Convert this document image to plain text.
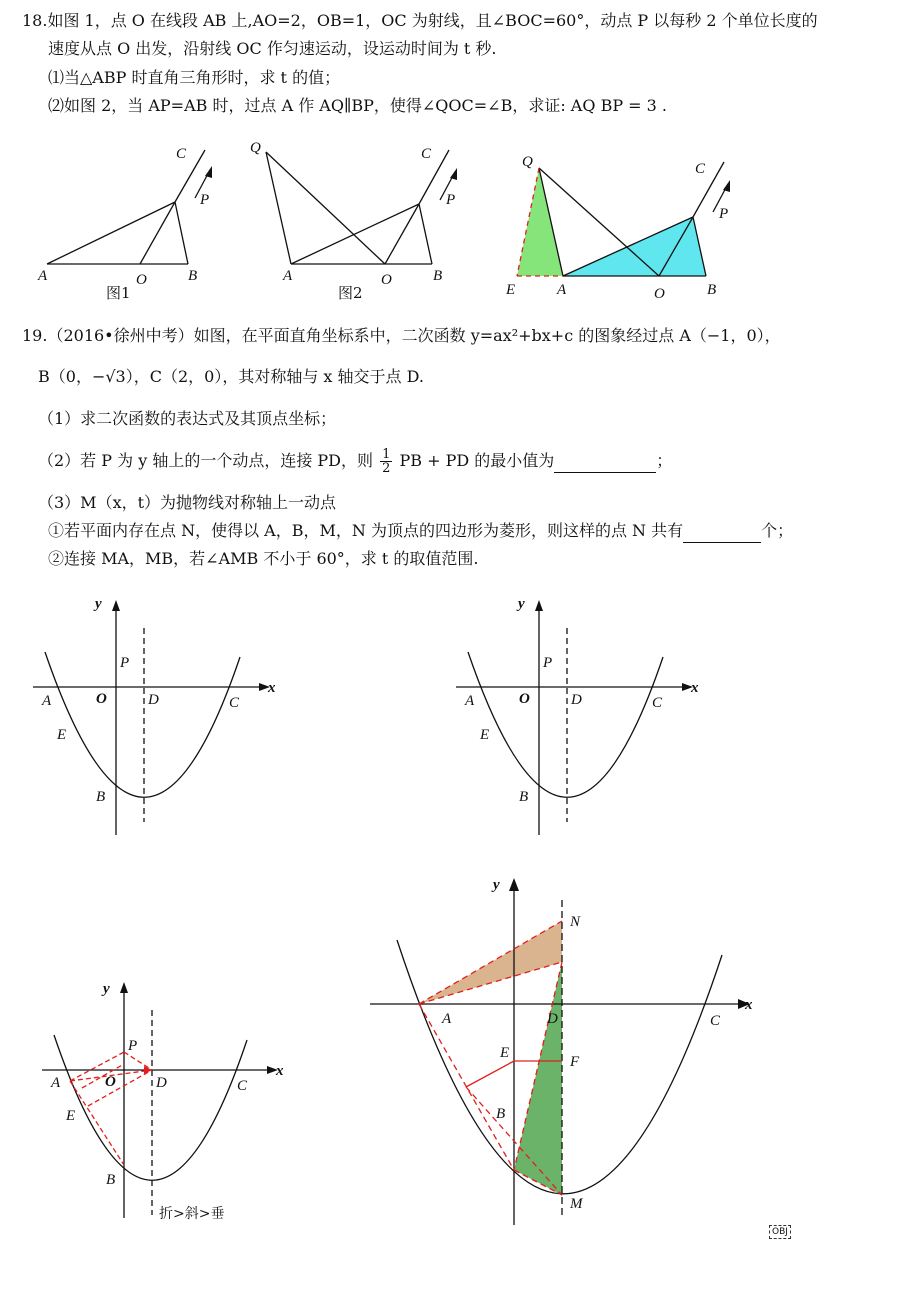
18.如图 1，点 O 在线段 AB 上,AO=2，OB=1，OC 为射线，且∠BOC=60°，动点 P 以每秒 2 个单位长度的
速度从点 O 出发，沿射线 OC 作匀速运动，设运动时间为 t 秒.
⑴当△ABP 时直角三角形时，求 t 的值；
⑵如图 2，当 AP=AB 时，过点 A 作 AQ∥BP，使得∠QOC=∠B，求证: AQ BP = 3 .
C
P
A	O	B
图1
Q	C
P
A	O	B
图2
Q	C
P
E	A	O	B
19.（2016•徐州中考）如图，在平面直角坐标系中，二次函数 y=ax²+bx+c 的图象经过点 A（−1，0），
B（0，−√3），C（2，0），其对称轴与 x 轴交于点 D.
（1）求二次函数的表达式及其顶点坐标；
（2）若 P 为 y 轴上的一个动点，连接 PD，则 $\frac{1}{2}$ PB + PD 的最小值为	；
（3）M（x，t）为抛物线对称轴上一动点
①若平面内存在点 N，使得以 A，B，M，N 为顶点的四边形为菱形，则这样的点 N 共有	个；
②连接 MA，MB，若∠AMB 不小于 60°，求 t 的取值范围.
y
x
P
O	D
A	C
E
B
y
x
P
O	D
A	C
E
B
y
x
P
O	D
A	C
E
B
折>斜>垂
y
x
N
A	D	C
E
F
B
M
OBJ
